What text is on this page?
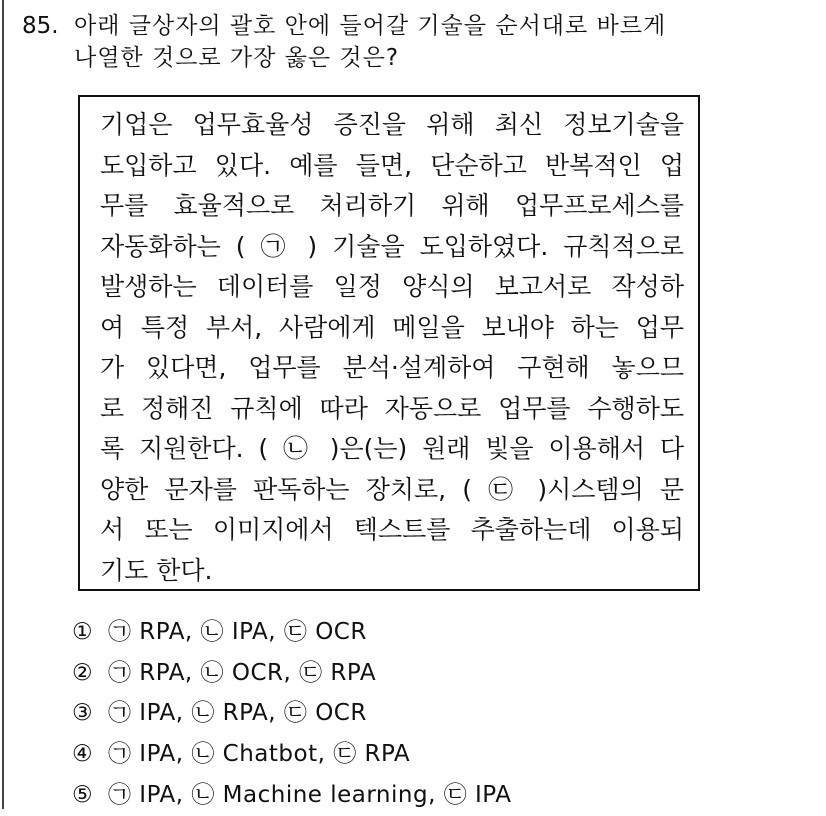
85. 아래 글상자의 괄호 안에 들어갈 기술을 순서대로 바르게
나열한 것으로 가장 옳은 것은?
기업은 업무효율성 증진을 위해 최신 정보기술을
도입하고 있다. 예를 들면, 단순하고 반복적인 업
무를 효율적으로 처리하기 위해 업무프로세스를
자동화하는 ( ㉠ ) 기술을 도입하였다. 규칙적으로
발생하는 데이터를 일정 양식의 보고서로 작성하
여 특정 부서, 사람에게 메일을 보내야 하는 업무
가 있다면, 업무를 분석·설계하여 구현해 놓으므
로 정해진 규칙에 따라 자동으로 업무를 수행하도
록 지원한다. ( ㉡ )은(는) 원래 빛을 이용해서 다
양한 문자를 판독하는 장치로, ( ㉢ )시스템의 문
서 또는 이미지에서 텍스트를 추출하는데 이용되
기도 한다.
① ㉠ RPA, ㉡ IPA, ㉢ OCR
② ㉠ RPA, ㉡ OCR, ㉢ RPA
③ ㉠ IPA, ㉡ RPA, ㉢ OCR
④ ㉠ IPA, ㉡ Chatbot, ㉢ RPA
⑤ ㉠ IPA, ㉡ Machine learning, ㉢ IPA
